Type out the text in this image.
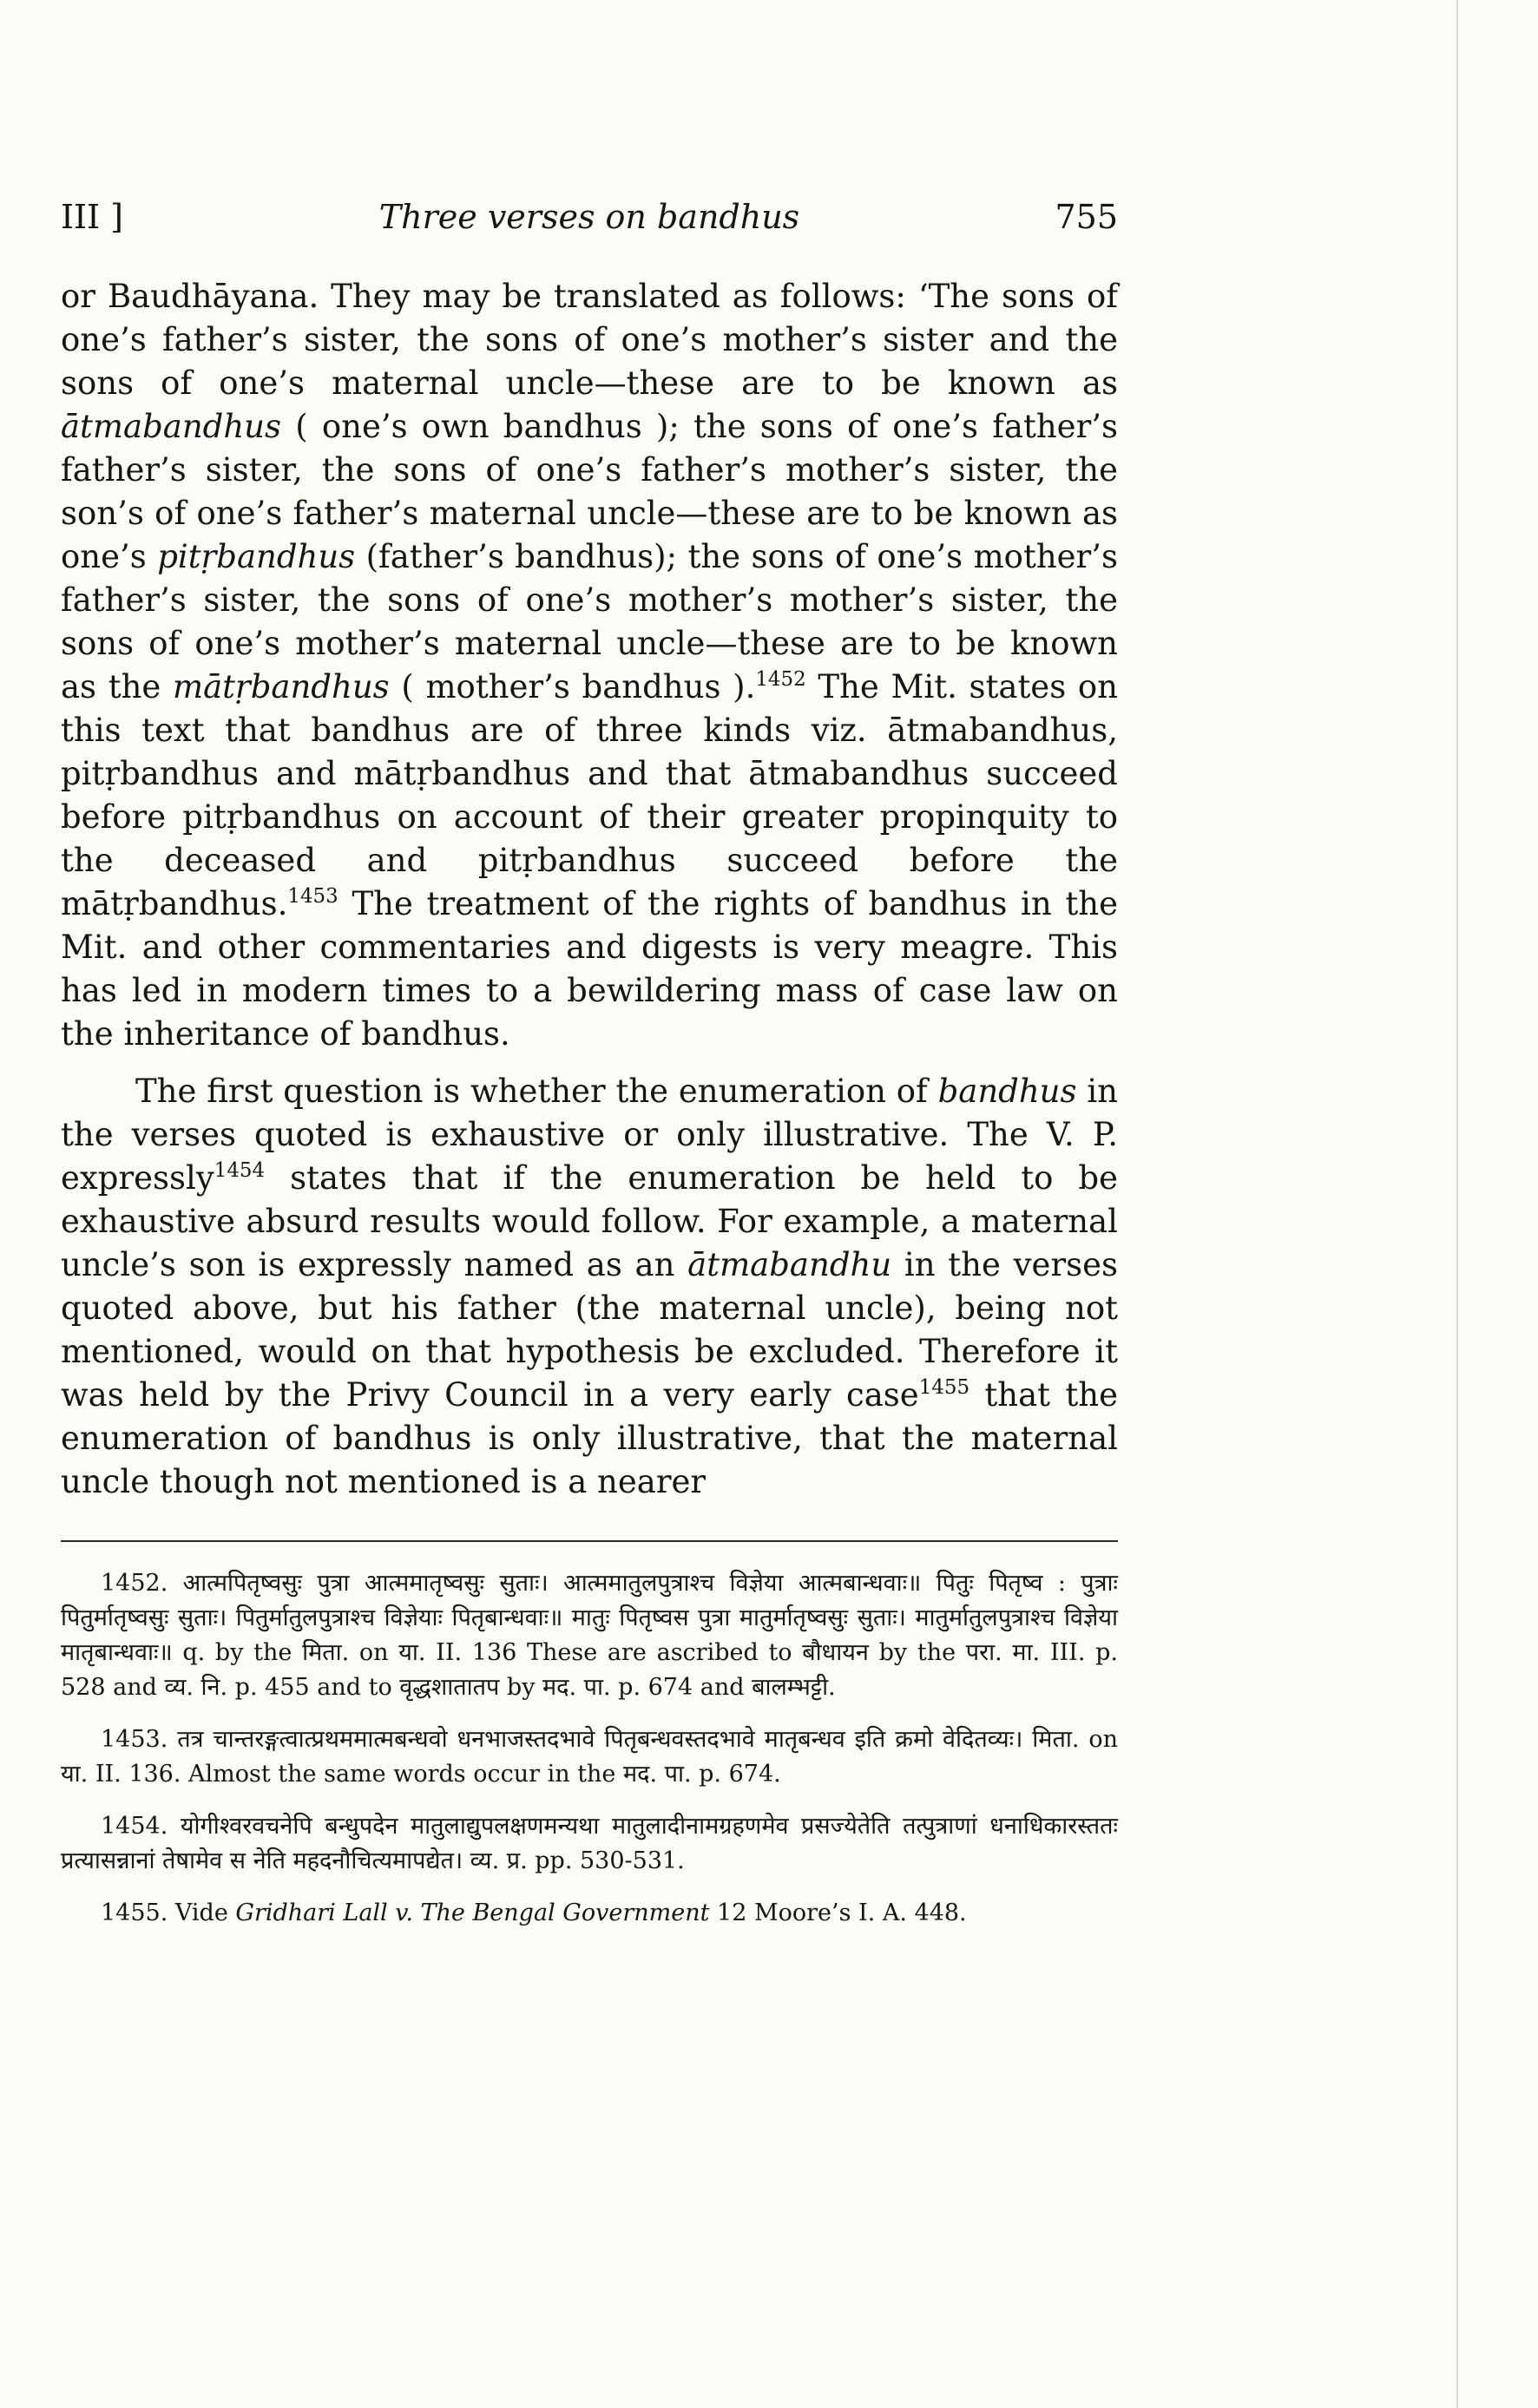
III ]	Three verses on bandhus	755

or Baudhāyana. They may be translated as follows: ‘The sons of one’s father’s sister, the sons of one’s mother’s sister and the sons of one’s maternal uncle—these are to be known as ātmabandhus ( one’s own bandhus ); the sons of one’s father’s father’s sister, the sons of one’s father’s mother’s sister, the son’s of one’s father’s maternal uncle—these are to be known as one’s pitṛbandhus (father’s bandhus); the sons of one’s mother’s father’s sister, the sons of one’s mother’s mother’s sister, the sons of one’s mother’s maternal uncle—these are to be known as the mātṛbandhus ( mother’s bandhus ).$^{1452}$ The Mit. states on this text that bandhus are of three kinds viz. ātmabandhus, pitṛbandhus and mātṛbandhus and that ātmabandhus succeed before pitṛbandhus on account of their greater propinquity to the deceased and pitṛbandhus succeed before the mātṛbandhus.$^{1453}$ The treatment of the rights of bandhus in the Mit. and other commentaries and digests is very meagre. This has led in modern times to a bewildering mass of case law on the inheritance of bandhus.

The first question is whether the enumeration of bandhus in the verses quoted is exhaustive or only illustrative. The V. P. expressly$^{1454}$ states that if the enumeration be held to be exhaustive absurd results would follow. For example, a maternal uncle’s son is expressly named as an ātmabandhu in the verses quoted above, but his father (the maternal uncle), being not mentioned, would on that hypothesis be excluded. Therefore it was held by the Privy Council in a very early case$^{1455}$ that the enumeration of bandhus is only illustrative, that the maternal uncle though not mentioned is a nearer

1452. आत्मपितृष्वसुः पुत्रा आत्ममातृष्वसुः सुताः। आत्ममातुलपुत्राश्च विज्ञेया आत्मबान्धवाः॥ पितुः पितृष्व : पुत्राः पितुर्मातृष्वसुः सुताः। पितुर्मातुलपुत्राश्च विज्ञेयाः पितृबान्धवाः॥ मातुः पितृष्वस पुत्रा मातुर्मातृष्वसुः सुताः। मातुर्मातुलपुत्राश्च विज्ञेया मातृबान्धवाः॥ q. by the मिता. on या. II. 136 These are ascribed to बौधायन by the परा. मा. III. p. 528 and व्य. नि. p. 455 and to वृद्धशातातप by मद. पा. p. 674 and बालम्भट्टी.

1453. तत्र चान्तरङ्गत्वात्प्रथममात्मबन्धवो धनभाजस्तदभावे पितृबन्धवस्तदभावे मातृबन्धव इति क्रमो वेदितव्यः। मिता. on या. II. 136. Almost the same words occur in the मद. पा. p. 674.

1454. योगीश्वरवचनेपि बन्धुपदेन मातुलाद्युपलक्षणमन्यथा मातुलादीनामग्रहणमेव प्रसज्येतेति तत्पुत्राणां धनाधिकारस्ततः प्रत्यासन्नानां तेषामेव स नेति महदनौचित्यमापद्येत। व्य. प्र. pp. 530-531.

1455. Vide Gridhari Lall v. The Bengal Government 12 Moore’s I. A. 448.
